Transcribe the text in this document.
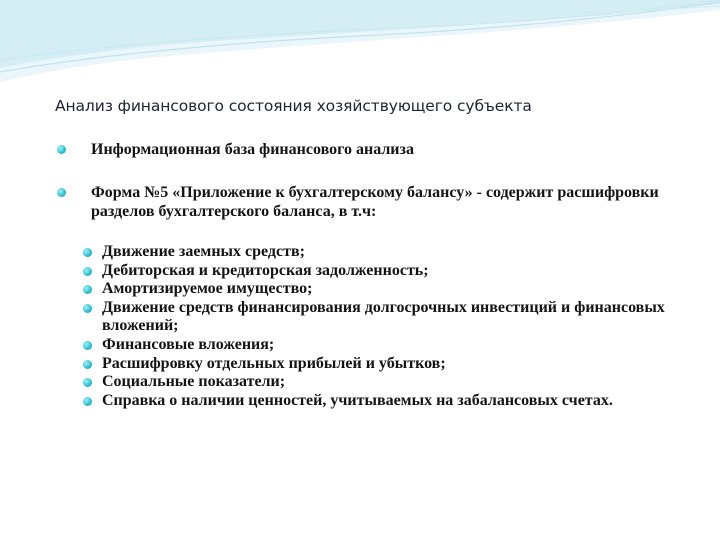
Анализ финансового состояния хозяйствующего субъекта
Информационная база финансового анализа
Форма №5 «Приложение к бухгалтерскому балансу» - содержит расшифровки разделов бухгалтерского баланса, в т.ч:
Движение заемных средств;
Дебиторская и кредиторская задолженность;
Амортизируемое имущество;
Движение средств финансирования долгосрочных инвестиций и финансовых вложений;
Финансовые вложения;
Расшифровку отдельных прибылей и убытков;
Социальные показатели;
Справка о наличии ценностей, учитываемых на забалансовых счетах.
